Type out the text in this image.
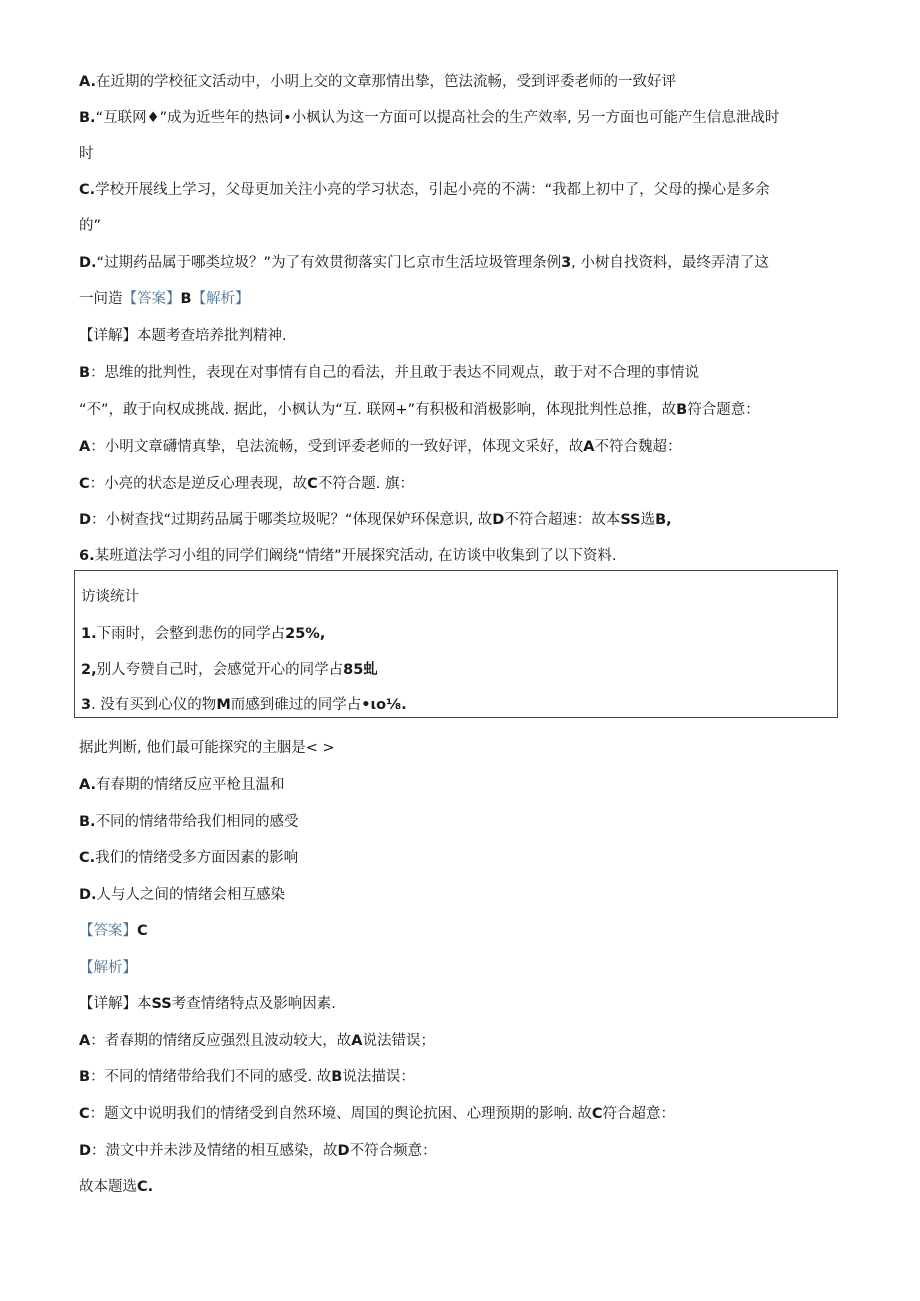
A.在近期的学校征文活动中，小明上交的文章那情出挚，笆法流畅，受到评委老师的一致好评
B.“互联网♦”成为近些年的热词•小枫认为这一方面可以提高社会的生产效率, 另一方面也可能产生信息泄战时
时
C.学校开展线上学习，父母更加关注小亮的学习状态，引起小亮的不满：“我都上初中了，父母的操心是多余
的”
D.“过期药品属于哪类垃圾？”为了有效贯彻落实门匕京市生活垃圾管理条例3, 小树自找资料，最终弄清了这
一问造【答案】B【解析】
【详解】本题考查培养批判精神.
B：思维的批判性，表现在对事情有自己的看法，并且敢于表达不同观点，敢于对不合理的事情说
“不”，敢于向权成挑战. 据此，小枫认为“互. 联网+”有积极和消极影响，体现批判性总推，故B符合题意：
A：小明文章礴情真挚，皂法流畅，受到评委老师的一致好评，体现文采好，故A不符合魏超：
C：小亮的状态是逆反心理表现，故C不符合题. 旗：
D：小树查找“过期药品属于哪类垃圾呢？“体现保妒环保意识, 故D不符合超速：故本SS选B,
6.某班道法学习小组的同学们阚绕“情绪”开展探究活动, 在访谈中收集到了以下资料.
访谈统计
1.下雨时，会整到悲伤的同学占25%,
2,别人夸赞自己时，会感觉开心的同学占85虬
3. 没有买到心仪的物M而感到碓过的同学占•ιo⅛.
据此判断, 他们最可能探究的主胭是< >
A.有春期的情绪反应平枪且温和
B.不同的情绪带给我们相同的感受
C.我们的情绪受多方面因素的影响
D.人与人之间的情绪会相互感染
【答案】C
【解析】
【详解】本SS考查情绪特点及影响因素.
A：者春期的情绪反应强烈且波动较大，故A说法错误；
B：不同的情绪带给我们不同的感受. 故B说法描误：
C：题文中说明我们的情绪受到自然环境、周国的舆论抗困、心理预期的影响. 故C符合超意：
D：溃文中并未涉及情绪的相互感染，故D不符合频意：
故本题选C.
